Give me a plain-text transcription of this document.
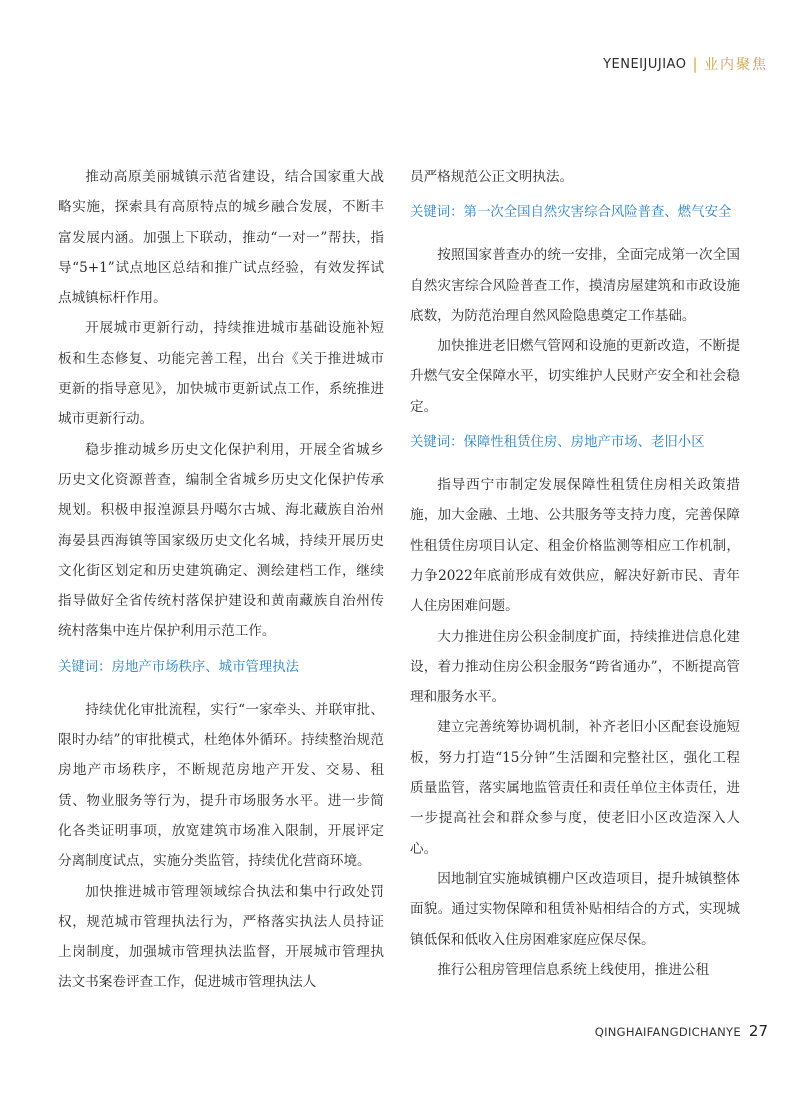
YENEIJUJIAO | 业内聚焦

推动高原美丽城镇示范省建设，结合国家重大战略实施，探索具有高原特点的城乡融合发展，不断丰富发展内涵。加强上下联动，推动“一对一”帮扶，指导“5+1”试点地区总结和推广试点经验，有效发挥试点城镇标杆作用。

开展城市更新行动，持续推进城市基础设施补短板和生态修复、功能完善工程，出台《关于推进城市更新的指导意见》，加快城市更新试点工作，系统推进城市更新行动。

稳步推动城乡历史文化保护利用，开展全省城乡历史文化资源普查，编制全省城乡历史文化保护传承规划。积极申报湟源县丹噶尔古城、海北藏族自治州海晏县西海镇等国家级历史文化名城，持续开展历史文化街区划定和历史建筑确定、测绘建档工作，继续指导做好全省传统村落保护建设和黄南藏族自治州传统村落集中连片保护利用示范工作。

关键词：房地产市场秩序、城市管理执法

持续优化审批流程，实行“一家牵头、并联审批、限时办结”的审批模式，杜绝体外循环。持续整治规范房地产市场秩序，不断规范房地产开发、交易、租赁、物业服务等行为，提升市场服务水平。进一步简化各类证明事项，放宽建筑市场准入限制，开展评定分离制度试点，实施分类监管，持续优化营商环境。

加快推进城市管理领域综合执法和集中行政处罚权，规范城市管理执法行为，严格落实执法人员持证上岗制度，加强城市管理执法监督，开展城市管理执法文书案卷评查工作，促进城市管理执法人

员严格规范公正文明执法。

关键词：第一次全国自然灾害综合风险普查、燃气安全

按照国家普查办的统一安排，全面完成第一次全国自然灾害综合风险普查工作，摸清房屋建筑和市政设施底数，为防范治理自然风险隐患奠定工作基础。

加快推进老旧燃气管网和设施的更新改造，不断提升燃气安全保障水平，切实维护人民财产安全和社会稳定。

关键词：保障性租赁住房、房地产市场、老旧小区

指导西宁市制定发展保障性租赁住房相关政策措施，加大金融、土地、公共服务等支持力度，完善保障性租赁住房项目认定、租金价格监测等相应工作机制，力争2022年底前形成有效供应，解决好新市民、青年人住房困难问题。

大力推进住房公积金制度扩面，持续推进信息化建设，着力推动住房公积金服务“跨省通办”，不断提高管理和服务水平。

建立完善统筹协调机制，补齐老旧小区配套设施短板，努力打造“15分钟”生活圈和完整社区，强化工程质量监管，落实属地监管责任和责任单位主体责任，进一步提高社会和群众参与度，使老旧小区改造深入人心。

因地制宜实施城镇棚户区改造项目，提升城镇整体面貌。通过实物保障和租赁补贴相结合的方式，实现城镇低保和低收入住房困难家庭应保尽保。

推行公租房管理信息系统上线使用，推进公租

QINGHAIFANGDICHANYE 27
